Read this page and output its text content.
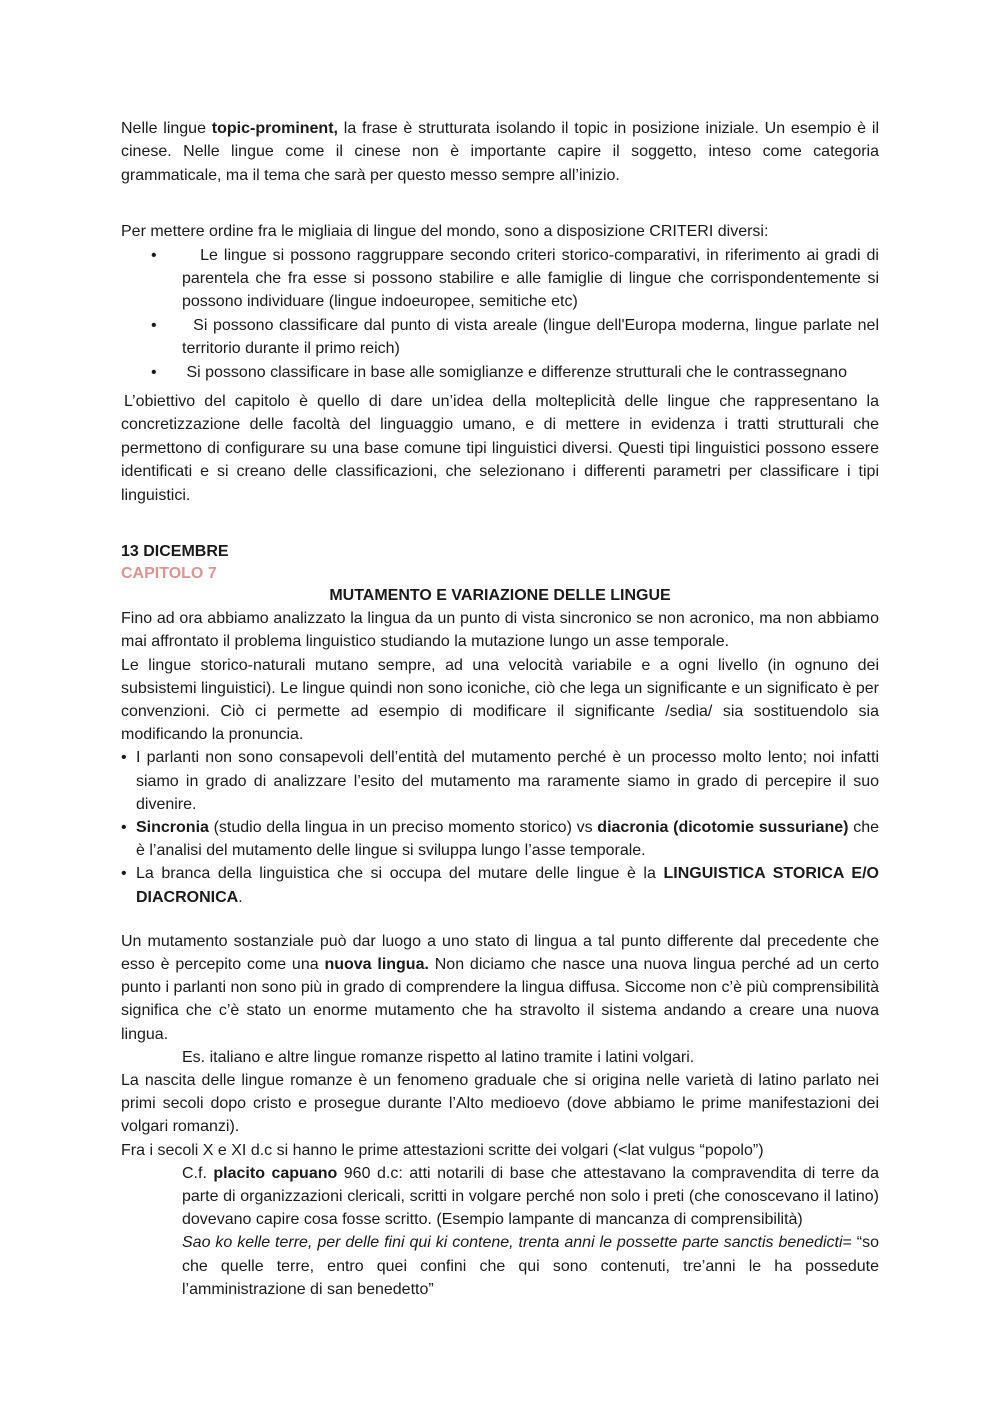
Nelle lingue topic-prominent, la frase è strutturata isolando il topic in posizione iniziale. Un esempio è il cinese. Nelle lingue come il cinese non è importante capire il soggetto, inteso come categoria grammaticale, ma il tema che sarà per questo messo sempre all’inizio.

Per mettere ordine fra le migliaia di lingue del mondo, sono a disposizione CRITERI diversi:

•	Le lingue si possono raggruppare secondo criteri storico-comparativi, in riferimento ai gradi di parentela che fra esse si possono stabilire e alle famiglie di lingue che corrispondentemente si possono individuare (lingue indoeuropee, semitiche etc)
• Si possono classificare dal punto di vista areale (lingue dell'Europa moderna, lingue parlate nel territorio durante il primo reich)
• Si possono classificare in base alle somiglianze e differenze strutturali che le contrassegnano

L’obiettivo del capitolo è quello di dare un’idea della molteplicità delle lingue che rappresentano la concretizzazione delle facoltà del linguaggio umano, e di mettere in evidenza i tratti strutturali che permettono di configurare su una base comune tipi linguistici diversi. Questi tipi linguistici possono essere identificati e si creano delle classificazioni, che selezionano i differenti parametri per classificare i tipi linguistici.

13 DICEMBRE
CAPITOLO 7
MUTAMENTO E VARIAZIONE DELLE LINGUE

Fino ad ora abbiamo analizzato la lingua da un punto di vista sincronico se non acronico, ma non abbiamo mai affrontato il problema linguistico studiando la mutazione lungo un asse temporale.

Le lingue storico-naturali mutano sempre, ad una velocità variabile e a ogni livello (in ognuno dei subsistemi linguistici). Le lingue quindi non sono iconiche, ciò che lega un significante e un significato è per convenzioni. Ciò ci permette ad esempio di modificare il significante /sedia/ sia sostituendolo sia modificando la pronuncia.

• I parlanti non sono consapevoli dell’entità del mutamento perché è un processo molto lento; noi infatti siamo in grado di analizzare l’esito del mutamento ma raramente siamo in grado di percepire il suo divenire.
• Sincronia (studio della lingua in un preciso momento storico) vs diacronia (dicotomie sussuriane) che è l’analisi del mutamento delle lingue si sviluppa lungo l’asse temporale.
• La branca della linguistica che si occupa del mutare delle lingue è la LINGUISTICA STORICA E/O DIACRONICA.

Un mutamento sostanziale può dar luogo a uno stato di lingua a tal punto differente dal precedente che esso è percepito come una nuova lingua. Non diciamo che nasce una nuova lingua perché ad un certo punto i parlanti non sono più in grado di comprendere la lingua diffusa. Siccome non c’è più comprensibilità significa che c’è stato un enorme mutamento che ha stravolto il sistema andando a creare una nuova lingua.

Es. italiano e altre lingue romanze rispetto al latino tramite i latini volgari.

La nascita delle lingue romanze è un fenomeno graduale che si origina nelle varietà di latino parlato nei primi secoli dopo cristo e prosegue durante l’Alto medioevo (dove abbiamo le prime manifestazioni dei volgari romanzi).

Fra i secoli X e XI d.c si hanno le prime attestazioni scritte dei volgari (<lat vulgus “popolo”)

C.f. placito capuano 960 d.c: atti notarili di base che attestavano la compravendita di terre da parte di organizzazioni clericali, scritti in volgare perché non solo i preti (che conoscevano il latino) dovevano capire cosa fosse scritto. (Esempio lampante di mancanza di comprensibilità)

Sao ko kelle terre, per delle fini qui ki contene, trenta anni le possette parte sanctis benedicti= “so che quelle terre, entro quei confini che qui sono contenuti, tre’anni le ha possedute l’amministrazione di san benedetto”
